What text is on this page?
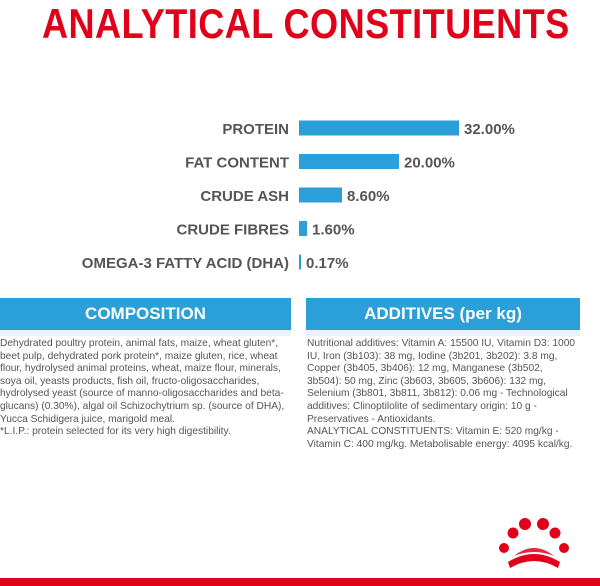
ANALYTICAL CONSTITUENTS
PROTEIN	32.00%
FAT CONTENT	20.00%
CRUDE ASH	8.60%
CRUDE FIBRES 1.60%
OMEGA-3 FATTY ACID (DHA) 0.17%
COMPOSITION	ADDITIVES (per kg)

Dehydrated poultry protein, animal fats, maize, wheat gluten*, beet pulp, dehydrated pork protein*, maize gluten, rice, wheat flour, hydrolysed animal proteins, wheat, maize flour, minerals, soya oil, yeasts products, fish oil, fructo-oligosaccharides, hydrolysed yeast (source of manno-oligosaccharides and beta-glucans) (0.30%), algal oil Schizochytrium sp. (source of DHA), Yucca Schidigera juice, marigold meal.

*L.I.P.: protein selected for its very high digestibility.

Nutritional additives: Vitamin A: 15500 IU, Vitamin D3: 1000 IU, Iron (3b103): 38 mg, Iodine (3b201, 3b202): 3.8 mg, Copper (3b405, 3b406): 12 mg, Manganese (3b502, 3b504): 50 mg, Zinc (3b603, 3b605, 3b606): 132 mg, Selenium (3b801, 3b811, 3b812): 0.06 mg - Technological additives: Clinoptilolite of sedimentary origin: 10 g - Preservatives - Antioxidants.

ANALYTICAL CONSTITUENTS: Vitamin E: 520 mg/kg - Vitamin C: 400 mg/kg. Metabolisable energy: 4095 kcal/kg.
